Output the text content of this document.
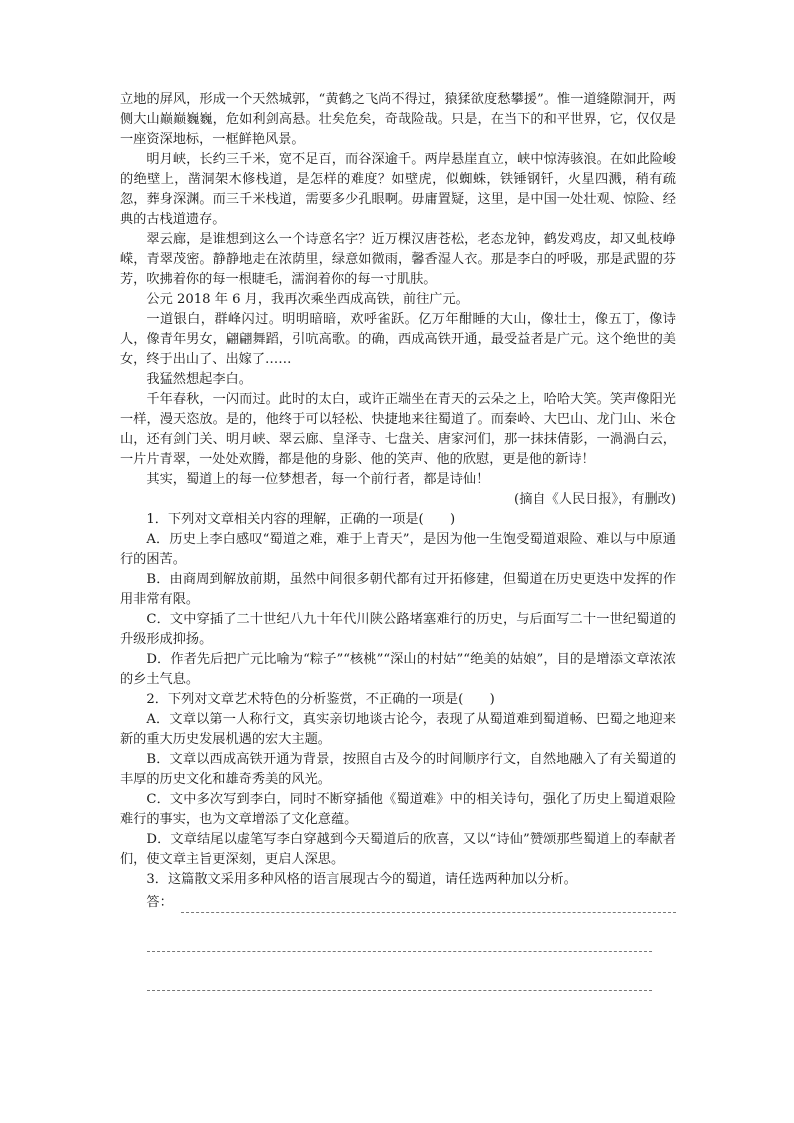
立地的屏风，形成一个天然城郭，“黄鹤之飞尚不得过，猿猱欲度愁攀援”。惟一道缝隙洞开，两侧大山巅巅巍巍，危如利剑高悬。壮矣危矣，奇哉险哉。只是，在当下的和平世界，它，仅仅是一座资深地标，一框鲜艳风景。

明月峡，长约三千米，宽不足百，而谷深逾千。两岸悬崖直立，峡中惊涛骇浪。在如此险峻的绝壁上，凿洞架木修栈道，是怎样的难度？如壁虎，似蜘蛛，铁锤钢钎，火星四溅，稍有疏忽，葬身深渊。而三千米栈道，需要多少孔眼啊。毋庸置疑，这里，是中国一处壮观、惊险、经典的古栈道遗存。

翠云廊，是谁想到这么一个诗意名字？近万棵汉唐苍松，老态龙钟，鹤发鸡皮，却又虬枝峥嵘，青翠茂密。静静地走在浓荫里，绿意如微雨，馨香湿人衣。那是李白的呼吸，那是武盟的芬芳，吹拂着你的每一根睫毛，濡润着你的每一寸肌肤。

公元 2018 年 6 月，我再次乘坐西成高铁，前往广元。

一道银白，群峰闪过。明明暗暗，欢呼雀跃。亿万年酣睡的大山，像壮士，像五丁，像诗人，像青年男女，翩翩舞蹈，引吭高歌。的确，西成高铁开通，最受益者是广元。这个绝世的美女，终于出山了、出嫁了……

我猛然想起李白。

千年春秋，一闪而过。此时的太白，或许正端坐在青天的云朵之上，哈哈大笑。笑声像阳光一样，漫天恣放。是的，他终于可以轻松、快捷地来往蜀道了。而秦岭、大巴山、龙门山、米仓山，还有剑门关、明月峡、翠云廊、皇泽寺、七盘关、唐家河们，那一抹抹倩影，一渦渦白云，一片片青翠，一处处欢腾，都是他的身影、他的笑声、他的欣慰，更是他的新诗！

其实，蜀道上的每一位梦想者，每一个前行者，都是诗仙！

(摘自《人民日报》，有删改)

1．下列对文章相关内容的理解，正确的一项是(　　)

A．历史上李白感叹“蜀道之难，难于上青天”，是因为他一生饱受蜀道艰险、难以与中原通行的困苦。

B．由商周到解放前期，虽然中间很多朝代都有过开拓修建，但蜀道在历史更迭中发挥的作用非常有限。

C．文中穿插了二十世纪八九十年代川陕公路堵塞难行的历史，与后面写二十一世纪蜀道的升级形成抑扬。

D．作者先后把广元比喻为“粽子”“核桃”“深山的村姑”“绝美的姑娘”，目的是增添文章浓浓的乡土气息。

2．下列对文章艺术特色的分析鉴赏，不正确的一项是(　　)

A．文章以第一人称行文，真实亲切地谈古论今，表现了从蜀道难到蜀道畅、巴蜀之地迎来新的重大历史发展机遇的宏大主题。

B．文章以西成高铁开通为背景，按照自古及今的时间顺序行文，自然地融入了有关蜀道的丰厚的历史文化和雄奇秀美的风光。

C．文中多次写到李白，同时不断穿插他《蜀道难》中的相关诗句，强化了历史上蜀道艰险难行的事实，也为文章增添了文化意蕴。

D．文章结尾以虚笔写李白穿越到今天蜀道后的欣喜，又以“诗仙”赞颂那些蜀道上的奉献者们，使文章主旨更深刻，更启人深思。

3．这篇散文采用多种风格的语言展现古今的蜀道，请任选两种加以分析。

答：
